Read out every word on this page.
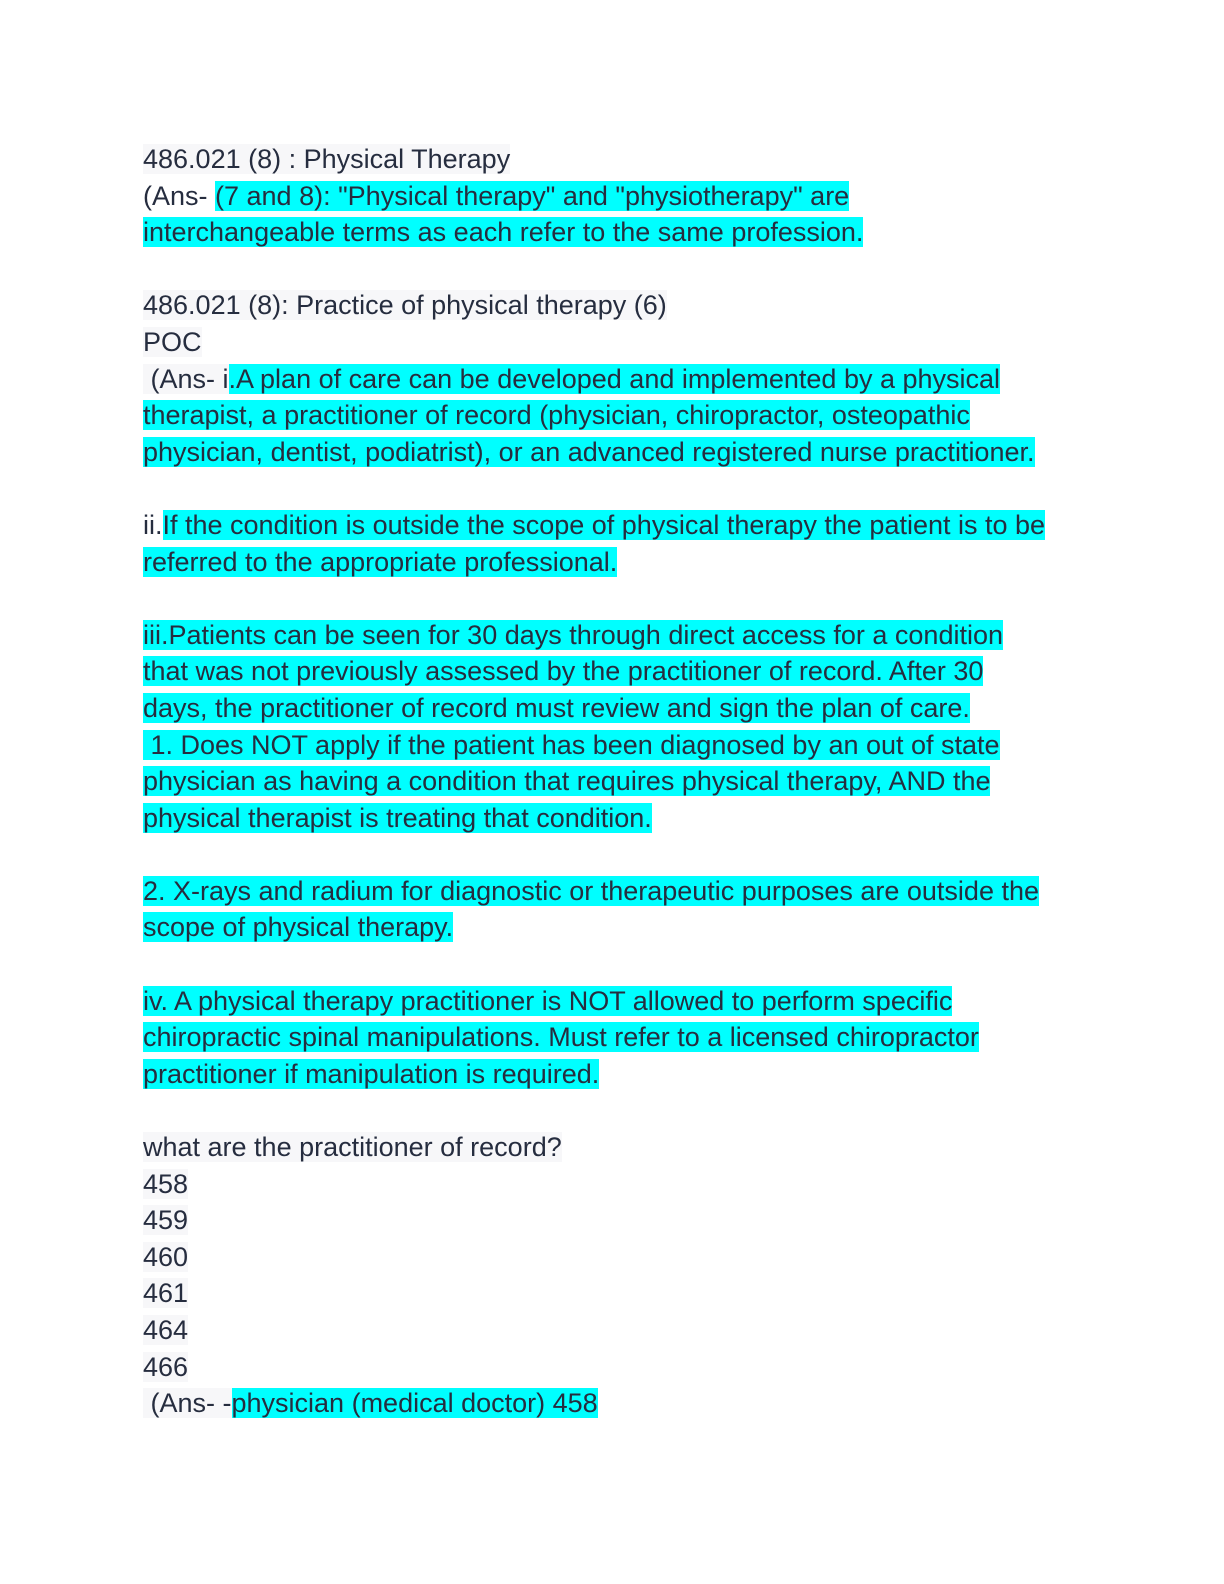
486.021 (8) : Physical Therapy
(Ans- (7 and 8): "Physical therapy" and "physiotherapy" are
interchangeable terms as each refer to the same profession.
486.021 (8): Practice of physical therapy (6)
POC
(Ans- i.A plan of care can be developed and implemented by a physical
therapist, a practitioner of record (physician, chiropractor, osteopathic
physician, dentist, podiatrist), or an advanced registered nurse practitioner.
ii.If the condition is outside the scope of physical therapy the patient is to be
referred to the appropriate professional.
iii.Patients can be seen for 30 days through direct access for a condition
that was not previously assessed by the practitioner of record. After 30
days, the practitioner of record must review and sign the plan of care.
1. Does NOT apply if the patient has been diagnosed by an out of state
physician as having a condition that requires physical therapy, AND the
physical therapist is treating that condition.
2. X-rays and radium for diagnostic or therapeutic purposes are outside the
scope of physical therapy.
iv. A physical therapy practitioner is NOT allowed to perform specific
chiropractic spinal manipulations. Must refer to a licensed chiropractor
practitioner if manipulation is required.
what are the practitioner of record?
458
459
460
461
464
466
(Ans- -physician (medical doctor) 458
